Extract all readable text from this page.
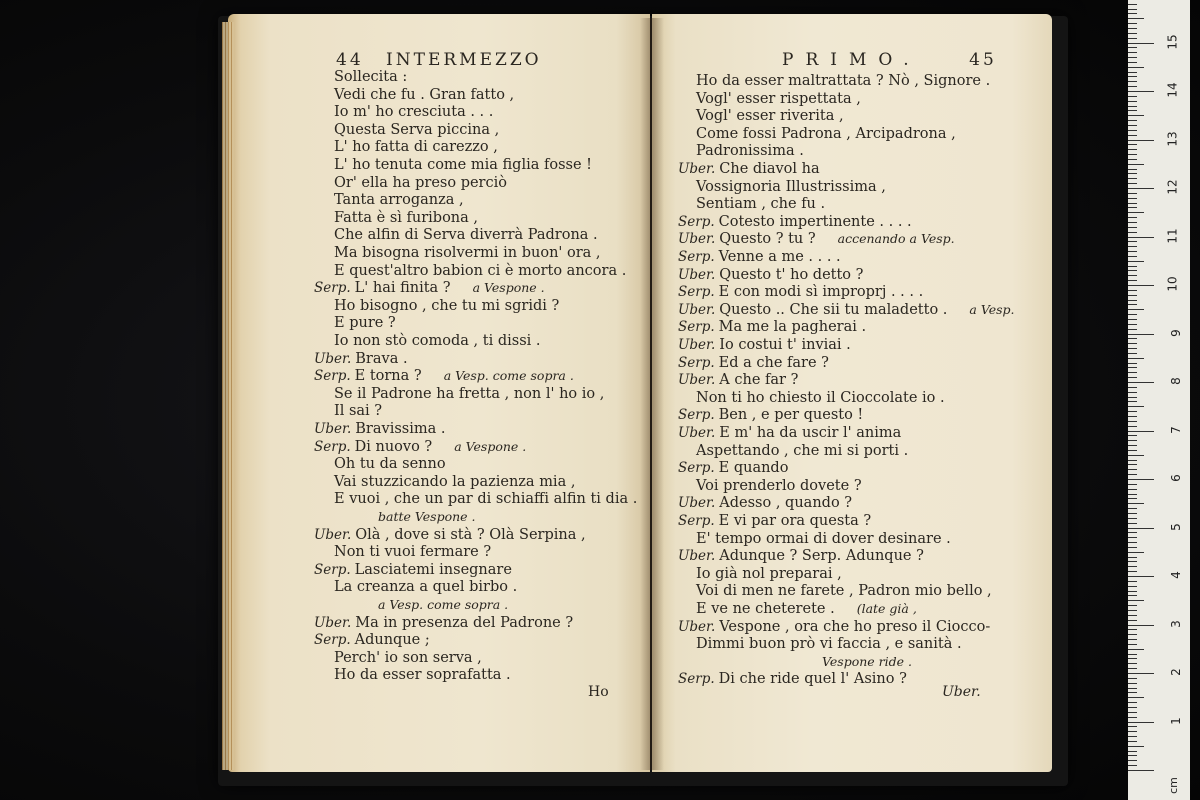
44 INTERMEZZO
Sollecita :
Vedi che fu . Gran fatto ,
Io m' ho cresciuta . . .
Questa Serva piccina ,
L' ho fatta di carezzo ,
L' ho tenuta come mia figlia fosse !
Or' ella ha preso perciò
Tanta arroganza ,
Fatta è sì furibona ,
Che alfin di Serva diverrà Padrona .
Ma bisogna risolvermi in buon' ora ,
E quest'altro babion ci è morto ancora .
Serp. L' hai finita ? a Vespone .
Ho bisogno , che tu mi sgridi ?
E pure ?
Io non stò comoda , ti dissi .
Uber. Brava .
Serp. E torna ? a Vesp. come sopra .
Se il Padrone ha fretta , non l' ho io ,
Il sai ?
Uber. Bravissima .
Serp. Di nuovo ? a Vespone .
Oh tu da senno
Vai stuzzicando la pazienza mia ,
E vuoi , che un par di schiaffi alfin ti dia .
batte Vespone .
Uber. Olà , dove si stà ? Olà Serpina ,
Non ti vuoi fermare ?
Serp. Lasciatemi insegnare
La creanza a quel birbo .
a Vesp. come sopra .
Uber. Ma in presenza del Padrone ?
Serp. Adunque ;
Perch' io son serva ,
Ho da esser soprafatta .
Ho
PRIMO.	45
Ho da esser maltrattata ? Nò , Signore .
Vogl' esser rispettata ,
Vogl' esser riverita ,
Come fossi Padrona , Arcipadrona ,
Padronissima .
Uber. Che diavol ha
Vossignoria Illustrissima ,
Sentiam , che fu .
Serp. Cotesto impertinente . . . .
Uber. Questo ? tu ? accenando a Vesp.
Serp. Venne a me . . . .
Uber. Questo t' ho detto ?
Serp. E con modi sì improprj . . . .
Uber. Questo .. Che sii tu maladetto . a Vesp.
Serp. Ma me la pagherai .
Uber. Io costui t' inviai .
Serp. Ed a che fare ?
Uber. A che far ?
Non ti ho chiesto il Cioccolate io .
Serp. Ben , e per questo !
Uber. E m' ha da uscir l' anima
Aspettando , che mi si porti .
Serp. E quando
Voi prenderlo dovete ?
Uber. Adesso , quando ?
Serp. E vi par ora questa ?
E' tempo ormai di dover desinare .
Uber. Adunque ? Serp. Adunque ?
Io già nol preparai ,
Voi di men ne farete , Padron mio bello ,
E ve ne cheterete . (late già ,
Uber. Vespone , ora che ho preso il Ciocco-
Dimmi buon prò vi faccia , e sanità .
Vespone ride .
Serp. Di che ride quel l' Asino ?
Uber.
cm
1
2
3
4
5
6
7
8
9
10
11
12
13
14
15
